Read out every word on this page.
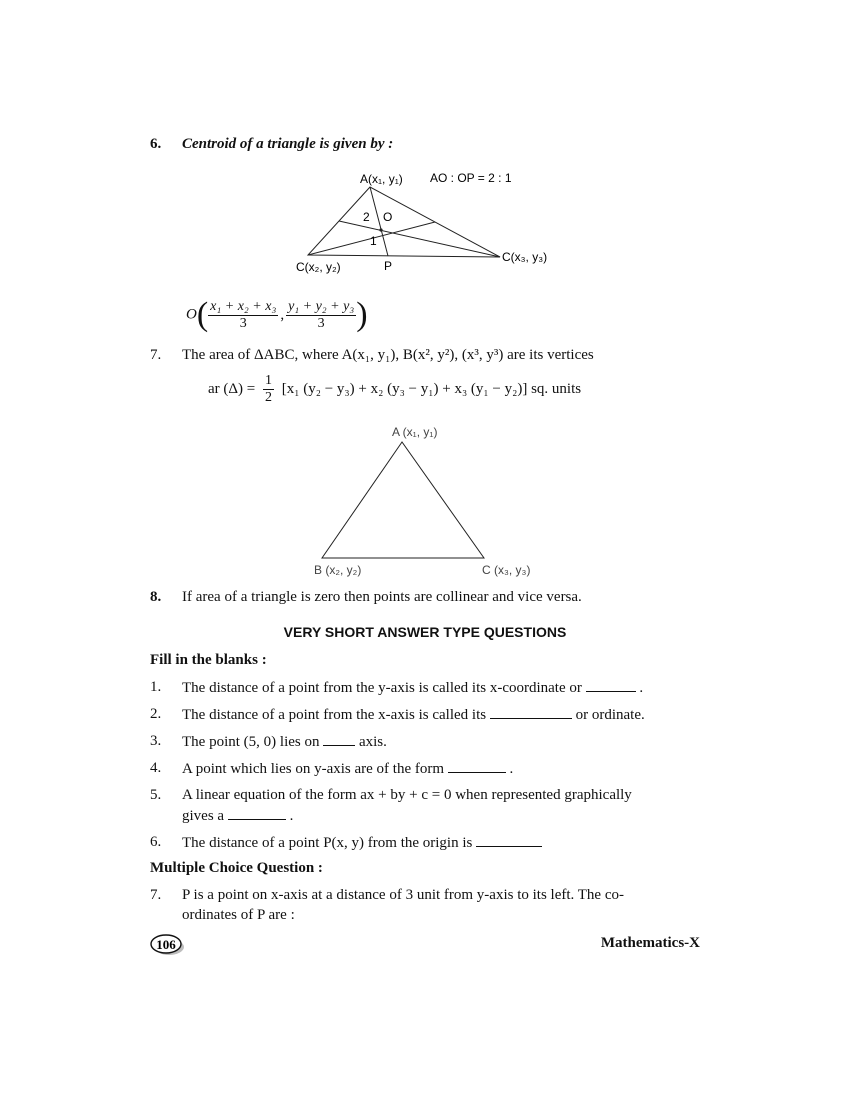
6. Centroid of a triangle is given by :
A(x₁, y₁) AO : OP = 2 : 1
2 O
1
C(x₂, y₂)	P
C(x₃, y₃)
$O( \frac{\text{x₁ + x₂ + x₃}}{3}$ , $\frac{\text{y₁ + y₂ + y₃}}{3}$ )
7. The area of ΔABC, where A(x₁, y₁), B(x², y²), (x³, y³) are its vertices
ar $(\Delta) = \frac{1}{2} [x_1$ (y₂ − y₃) + x₂ (y₃ − y₁) + x₃ (y₁ − y₂)] sq. units
A (x₁, y₁)
B (x₂, y₂)	C (x₃, y₃)
8. If area of a triangle is zero then points are collinear and vice versa.
VERY SHORT ANSWER TYPE QUESTIONS
Fill in the blanks :
1. The distance of a point from the y-axis is called its x-coordinate or	.
2. The distance of a point from the x-axis is called its	or ordinate.
3. The point (5, 0) lies on	axis.
4. A point which lies on y-axis are of the form	.
5. A linear equation of the form ax + by + c = 0 when represented graphically
gives a	.
6. The distance of a point P(x, y) from the origin is
Multiple Choice Question :
7. P is a point on x-axis at a distance of 3 unit from y-axis to its left. The co-
ordinates of P are :
106	Mathematics-X
